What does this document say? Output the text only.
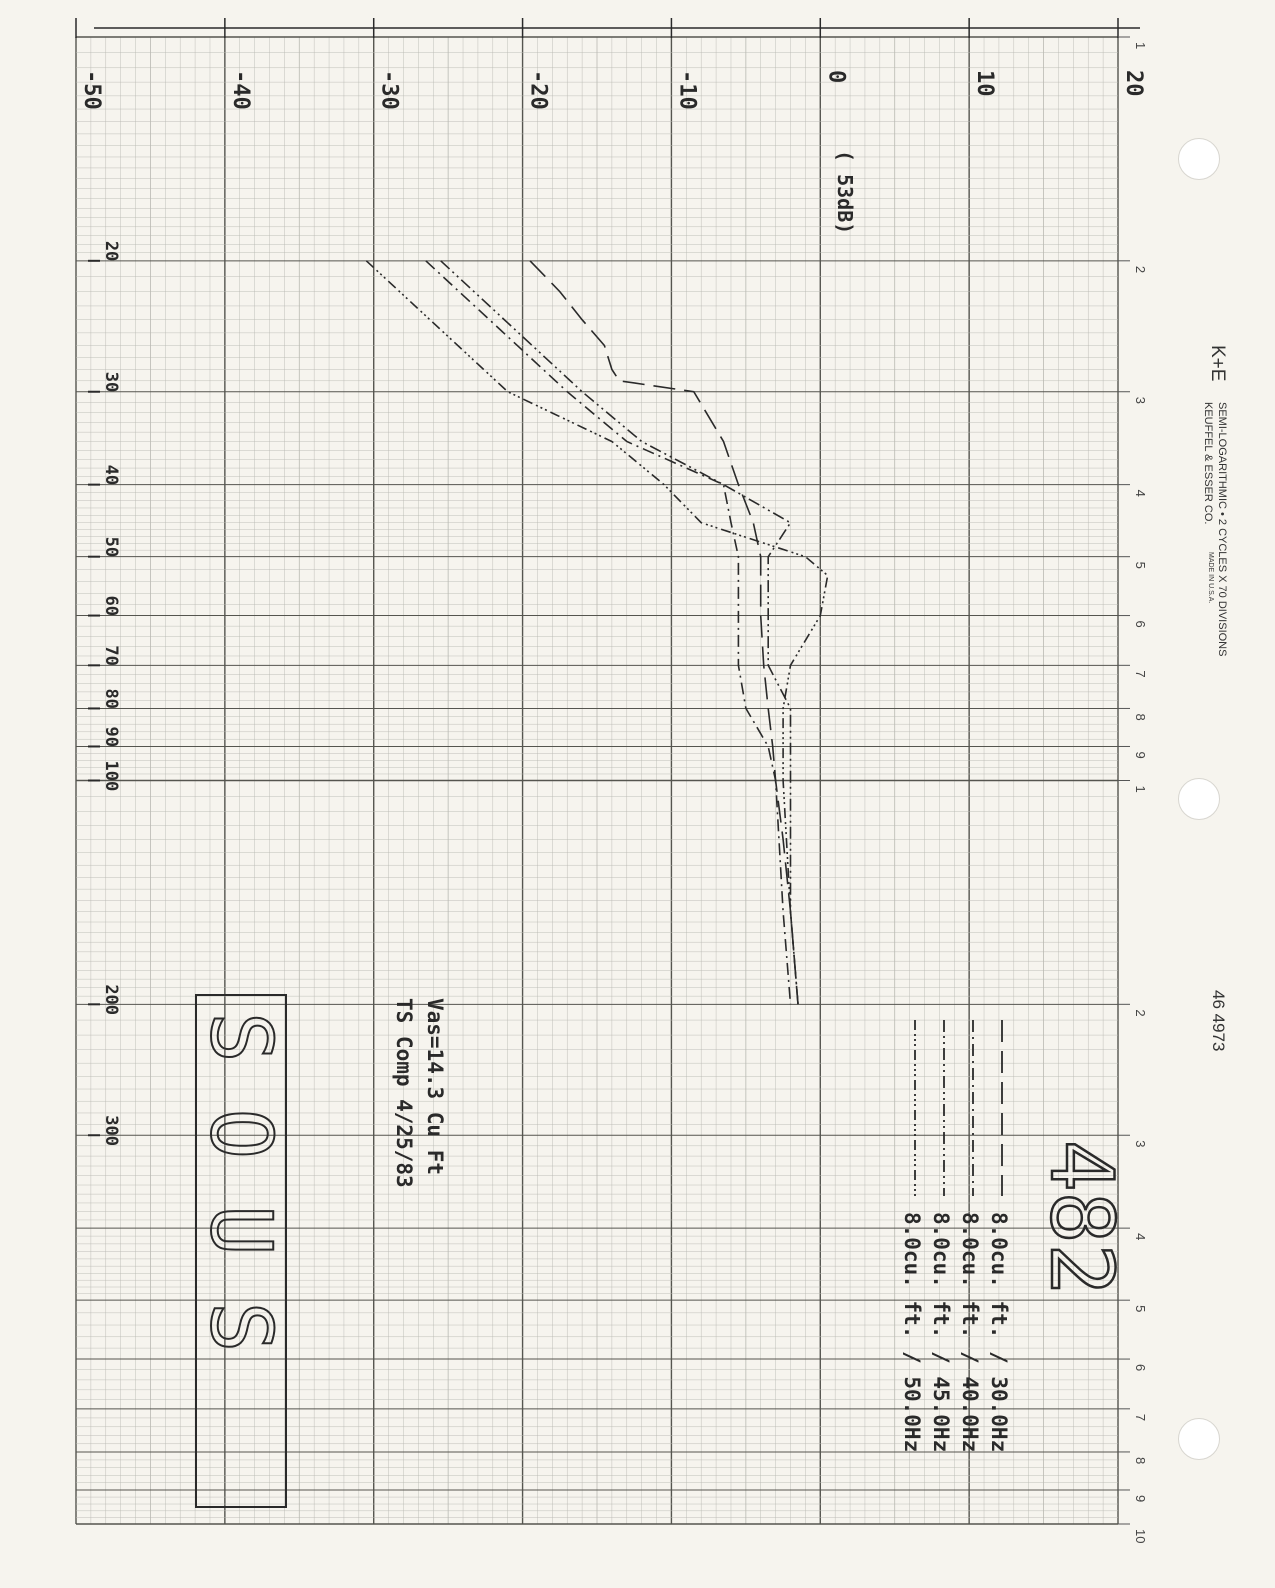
-50	-40	-30	-20	-10	0	10	20
20
30
40
50
60
70
80
90
100
200
300
1
2
3
4
5
6
7
8
9
1
2
3
4
5
6
7
8
9
10
8.0cu. ft. / 30.0Hz
8.0cu. ft. / 40.0Hz
8.0cu. ft. / 45.0Hz
8.0cu. ft. / 50.0Hz
( 53dB)
482
Vas=14.3 Cu Ft
TS Comp 4/25/83
SOUS
K+E
SEMI-LOGARITHMIC • 2 CYCLES X 70 DIVISIONS
KEUFFEL & ESSER CO.
MADE IN U.S.A.
46 4973
